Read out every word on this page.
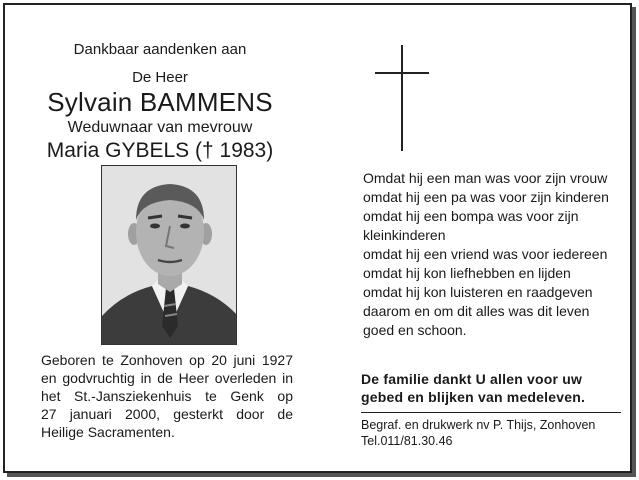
Dankbaar aandenken aan
De Heer
Sylvain BAMMENS
Weduwnaar van mevrouw
Maria GYBELS († 1983)
Geboren te Zonhoven op 20 juni 1927
en godvruchtig in de Heer overleden in
het St.-Jansziekenhuis te Genk op
27 januari 2000, gesterkt door de
Heilige Sacramenten.
Omdat hij een man was voor zijn vrouw
omdat hij een pa was voor zijn kinderen
omdat hij een bompa was voor zijn
kleinkinderen
omdat hij een vriend was voor iedereen
omdat hij kon liefhebben en lijden
omdat hij kon luisteren en raadgeven
daarom en om dit alles was dit leven
goed en schoon.
De familie dankt U allen voor uw
gebed en blijken van medeleven.
Begraf. en drukwerk nv P. Thijs, Zonhoven
Tel.011/81.30.46
